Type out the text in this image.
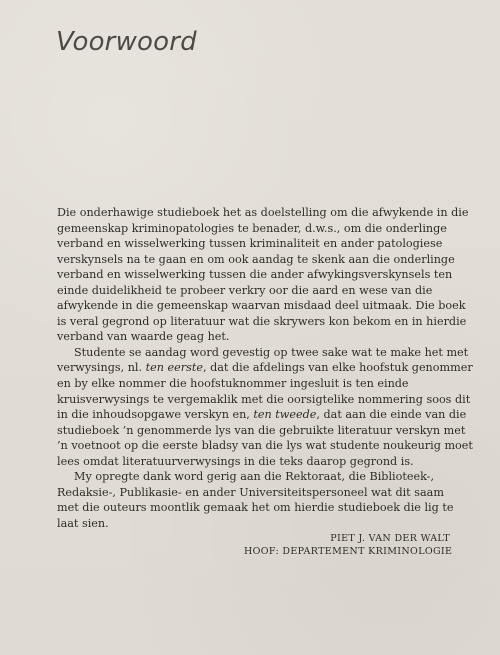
Voorwoord
Die onderhawige studieboek het as doelstelling om die afwykende in die
gemeenskap kriminopatologies te benader, d.w.s., om die onderlinge
verband en wisselwerking tussen kriminaliteit en ander patologiese
verskynsels na te gaan en om ook aandag te skenk aan die onderlinge
verband en wisselwerking tussen die ander afwykingsverskynsels ten
einde duidelikheid te probeer verkry oor die aard en wese van die
afwykende in die gemeenskap waarvan misdaad deel uitmaak. Die boek
is veral gegrond op literatuur wat die skrywers kon bekom en in hierdie
verband van waarde geag het.
Studente se aandag word gevestig op twee sake wat te make het met
verwysings, nl. ten eerste, dat die afdelings van elke hoofstuk genommer
en by elke nommer die hoofstuknommer ingesluit is ten einde
kruisverwysings te vergemaklik met die oorsigtelike nommering soos dit
in die inhoudsopgawe verskyn en, ten tweede, dat aan die einde van die
studieboek ’n genommerde lys van die gebruikte literatuur verskyn met
’n voetnoot op die eerste bladsy van die lys wat studente noukeurig moet
lees omdat literatuurverwysings in die teks daarop gegrond is.
My opregte dank word gerig aan die Rektoraat, die Biblioteek-,
Redaksie-, Publikasie- en ander Universiteitspersoneel wat dit saam
met die outeurs moontlik gemaak het om hierdie studieboek die lig te
laat sien.
PIET J. VAN DER WALT
HOOF: DEPARTEMENT KRIMINOLOGIE
